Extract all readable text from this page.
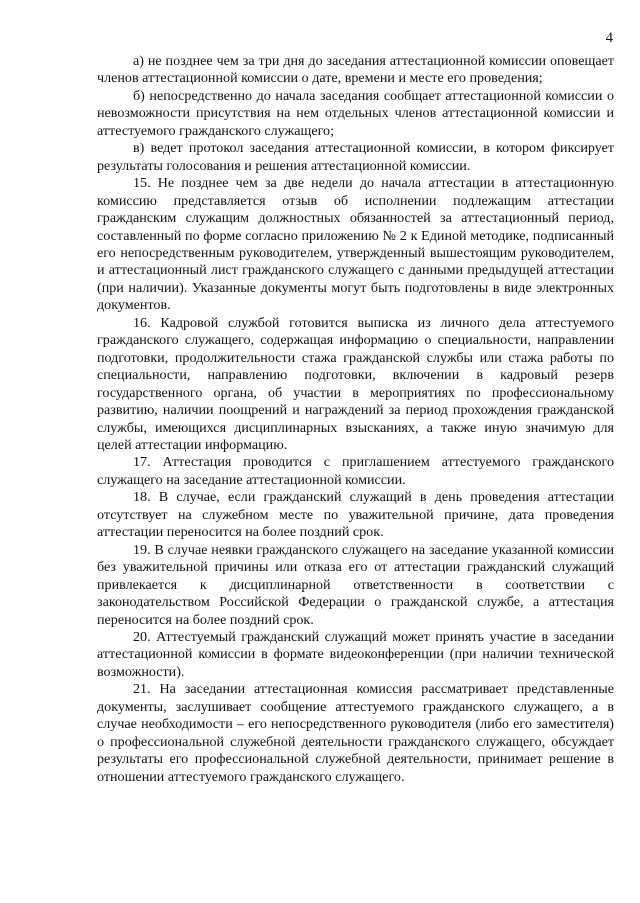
4

а) не позднее чем за три дня до заседания аттестационной комиссии оповещает членов аттестационной комиссии о дате, времени и месте его проведения;

б) непосредственно до начала заседания сообщает аттестационной комиссии о невозможности присутствия на нем отдельных членов аттестационной комиссии и аттестуемого гражданского служащего;

в) ведет протокол заседания аттестационной комиссии, в котором фиксирует результаты голосования и решения аттестационной комиссии.

15. Не позднее чем за две недели до начала аттестации в аттестационную комиссию представляется отзыв об исполнении подлежащим аттестации гражданским служащим должностных обязанностей за аттестационный период, составленный по форме согласно приложению № 2 к Единой методике, подписанный его непосредственным руководителем, утвержденный вышестоящим руководителем, и аттестационный лист гражданского служащего с данными предыдущей аттестации (при наличии). Указанные документы могут быть подготовлены в виде электронных документов.

16. Кадровой службой готовится выписка из личного дела аттестуемого гражданского служащего, содержащая информацию о специальности, направлении подготовки, продолжительности стажа гражданской службы или стажа работы по специальности, направлению подготовки, включении в кадровый резерв государственного органа, об участии в мероприятиях по профессиональному развитию, наличии поощрений и награждений за период прохождения гражданской службы, имеющихся дисциплинарных взысканиях, а также иную значимую для целей аттестации информацию.

17. Аттестация проводится с приглашением аттестуемого гражданского служащего на заседание аттестационной комиссии.

18. В случае, если гражданский служащий в день проведения аттестации отсутствует на служебном месте по уважительной причине, дата проведения аттестации переносится на более поздний срок.

19. В случае неявки гражданского служащего на заседание указанной комиссии без уважительной причины или отказа его от аттестации гражданский служащий привлекается к дисциплинарной ответственности в соответствии с законодательством Российской Федерации о гражданской службе, а аттестация переносится на более поздний срок.

20. Аттестуемый гражданский служащий может принять участие в заседании аттестационной комиссии в формате видеоконференции (при наличии технической возможности).

21. На заседании аттестационная комиссия рассматривает представленные документы, заслушивает сообщение аттестуемого гражданского служащего, а в случае необходимости – его непосредственного руководителя (либо его заместителя) о профессиональной служебной деятельности гражданского служащего, обсуждает результаты его профессиональной служебной деятельности, принимает решение в отношении аттестуемого гражданского служащего.
